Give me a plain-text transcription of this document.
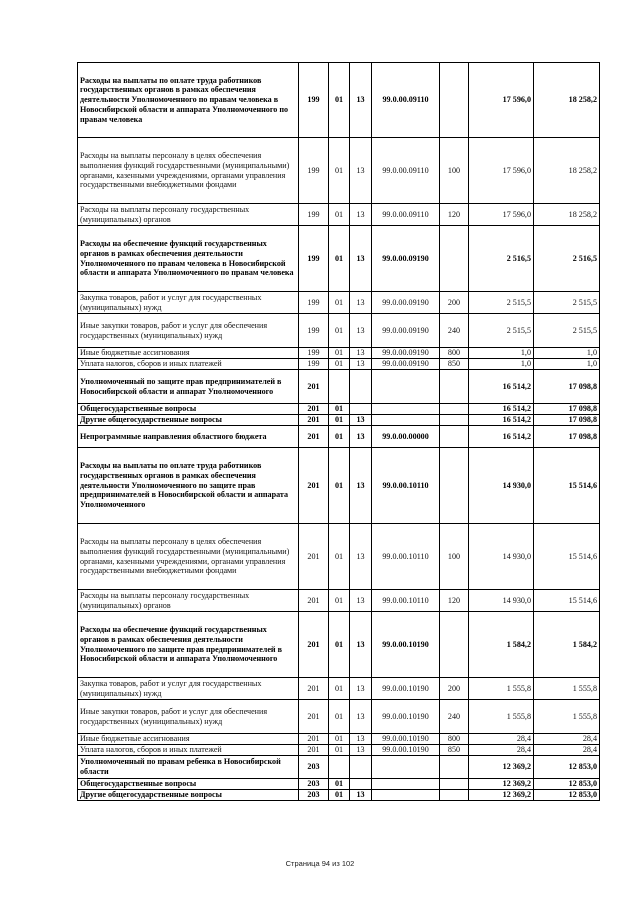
Расходы на выплаты по оплате труда работников государственных органов в рамках обеспечения деятельности Уполномоченного по правам человека в Новосибирской области и аппарата Уполномоченного по правам человека	199	01	13	99.0.00.09110		17 596,0	18 258,2
Расходы на выплаты персоналу в целях обеспечения выполнения функций государственными (муниципальными) органами, казенными учреждениями, органами управления государственными внебюджетными фондами	199	01	13	99.0.00.09110	100	17 596,0	18 258,2
Расходы на выплаты персоналу государственных (муниципальных) органов	199	01	13	99.0.00.09110	120	17 596,0	18 258,2
Расходы на обеспечение функций государственных органов в рамках обеспечения деятельности Уполномоченного по правам человека в Новосибирской области и аппарата Уполномоченного по правам человека	199	01	13	99.0.00.09190		2 516,5	2 516,5
Закупка товаров, работ и услуг для государственных (муниципальных) нужд	199	01	13	99.0.00.09190	200	2 515,5	2 515,5
Иные закупки товаров, работ и услуг для обеспечения государственных (муниципальных) нужд	199	01	13	99.0.00.09190	240	2 515,5	2 515,5
Иные бюджетные ассигнования	199	01	13	99.0.00.09190	800	1,0	1,0
Уплата налогов, сборов и иных платежей	199	01	13	99.0.00.09190	850	1,0	1,0
Уполномоченный по защите прав предпринимателей в Новосибирской области и аппарат Уполномоченного	201					16 514,2	17 098,8
Общегосударственные вопросы	201	01				16 514,2	17 098,8
Другие общегосударственные вопросы	201	01	13			16 514,2	17 098,8
Непрограммные направления областного бюджета	201	01	13	99.0.00.00000		16 514,2	17 098,8
Расходы на выплаты по оплате труда работников государственных органов в рамках обеспечения деятельности Уполномоченного по защите прав предпринимателей в Новосибирской области и аппарата Уполномоченного	201	01	13	99.0.00.10110		14 930,0	15 514,6
Расходы на выплаты персоналу в целях обеспечения выполнения функций государственными (муниципальными) органами, казенными учреждениями, органами управления государственными внебюджетными фондами	201	01	13	99.0.00.10110	100	14 930,0	15 514,6
Расходы на выплаты персоналу государственных (муниципальных) органов	201	01	13	99.0.00.10110	120	14 930,0	15 514,6
Расходы на обеспечение функций государственных органов в рамках обеспечения деятельности Уполномоченного по защите прав предпринимателей в Новосибирской области и аппарата Уполномоченного	201	01	13	99.0.00.10190		1 584,2	1 584,2
Закупка товаров, работ и услуг для государственных (муниципальных) нужд	201	01	13	99.0.00.10190	200	1 555,8	1 555,8
Иные закупки товаров, работ и услуг для обеспечения государственных (муниципальных) нужд	201	01	13	99.0.00.10190	240	1 555,8	1 555,8
Иные бюджетные ассигнования	201	01	13	99.0.00.10190	800	28,4	28,4
Уплата налогов, сборов и иных платежей	201	01	13	99.0.00.10190	850	28,4	28,4
Уполномоченный по правам ребенка в Новосибирской области	203					12 369,2	12 853,0
Общегосударственные вопросы	203	01				12 369,2	12 853,0
Другие общегосударственные вопросы	203	01	13			12 369,2	12 853,0
Страница 94 из 102
